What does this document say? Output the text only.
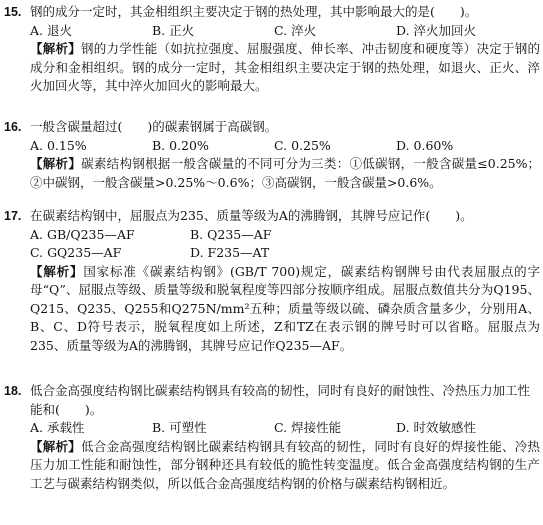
15. 钢的成分一定时，其金相组织主要决定于钢的热处理，其中影响最大的是(　　)。
A. 退火	B. 正火	C. 淬火	D. 淬火加回火
【解析】钢的力学性能（如抗拉强度、屈服强度、伸长率、冲击韧度和硬度等）决定于钢的成分和金相组织。钢的成分一定时，其金相组织主要决定于钢的热处理，如退火、正火、淬火加回火等，其中淬火加回火的影响最大。
16. 一般含碳量超过(　　)的碳素钢属于高碳钢。
A. 0.15%	B. 0.20%	C. 0.25%	D. 0.60%
【解析】碳素结构钢根据一般含碳量的不同可分为三类：①低碳钢，一般含碳量≤0.25%；②中碳钢，一般含碳量>0.25%～0.6%；③高碳钢，一般含碳量>0.6%。
17. 在碳素结构钢中，屈服点为235、质量等级为A的沸腾钢，其牌号应记作(　　)。
A. GB/Q235—AF	B. Q235—AF
C. GQ235—AF	D. F235—AT
【解析】国家标准《碳素结构钢》(GB/T 700)规定，碳素结构钢牌号由代表屈服点的字母“Q”、屈服点等级、质量等级和脱氧程度等四部分按顺序组成。屈服点数值共分为Q195、Q215、Q235、Q255和Q275N/mm²五种；质量等级以硫、磷杂质含量多少，分别用A、B、C、D符号表示，脱氧程度如上所述，Z和TZ在表示钢的牌号时可以省略。屈服点为235、质量等级为A的沸腾钢，其牌号应记作Q235—AF。
18. 低合金高强度结构钢比碳素结构钢具有较高的韧性，同时有良好的耐蚀性、冷热压力加工性能和(　　)。
A. 承载性	B. 可塑性	C. 焊接性能	D. 时效敏感性
【解析】低合金高强度结构钢比碳素结构钢具有较高的韧性，同时有良好的焊接性能、冷热压力加工性能和耐蚀性，部分钢种还具有较低的脆性转变温度。低合金高强度结构钢的生产工艺与碳素结构钢类似，所以低合金高强度结构钢的价格与碳素结构钢相近。
